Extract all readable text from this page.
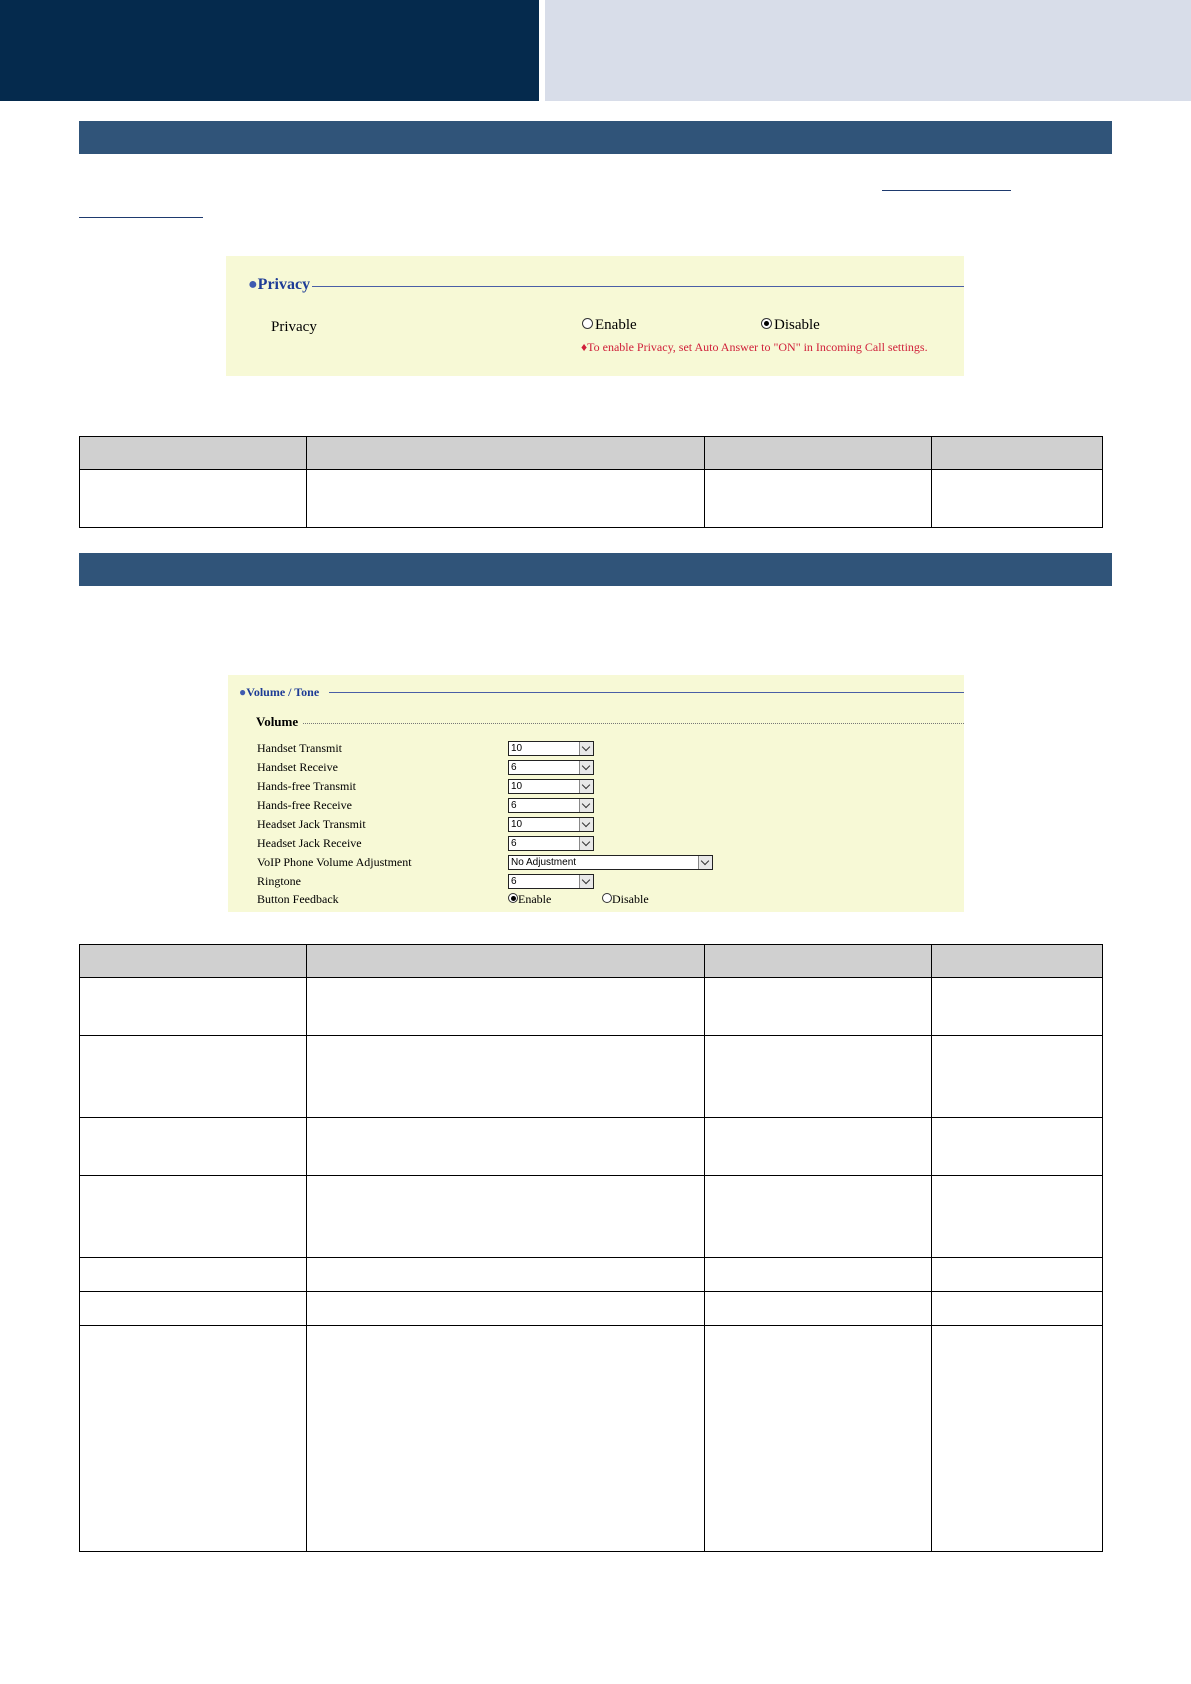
●Privacy
Privacy	Enable	Disable
♦To enable Privacy, set Auto Answer to "ON" in Incoming Call settings.

●Volume / Tone
Volume
Handset Transmit	10
Handset Receive	6
Hands-free Transmit	10
Hands-free Receive	6
Headset Jack Transmit	10
Headset Jack Receive	6
VoIP Phone Volume Adjustment	No Adjustment
Ringtone	6
Button Feedback	Enable	Disable
